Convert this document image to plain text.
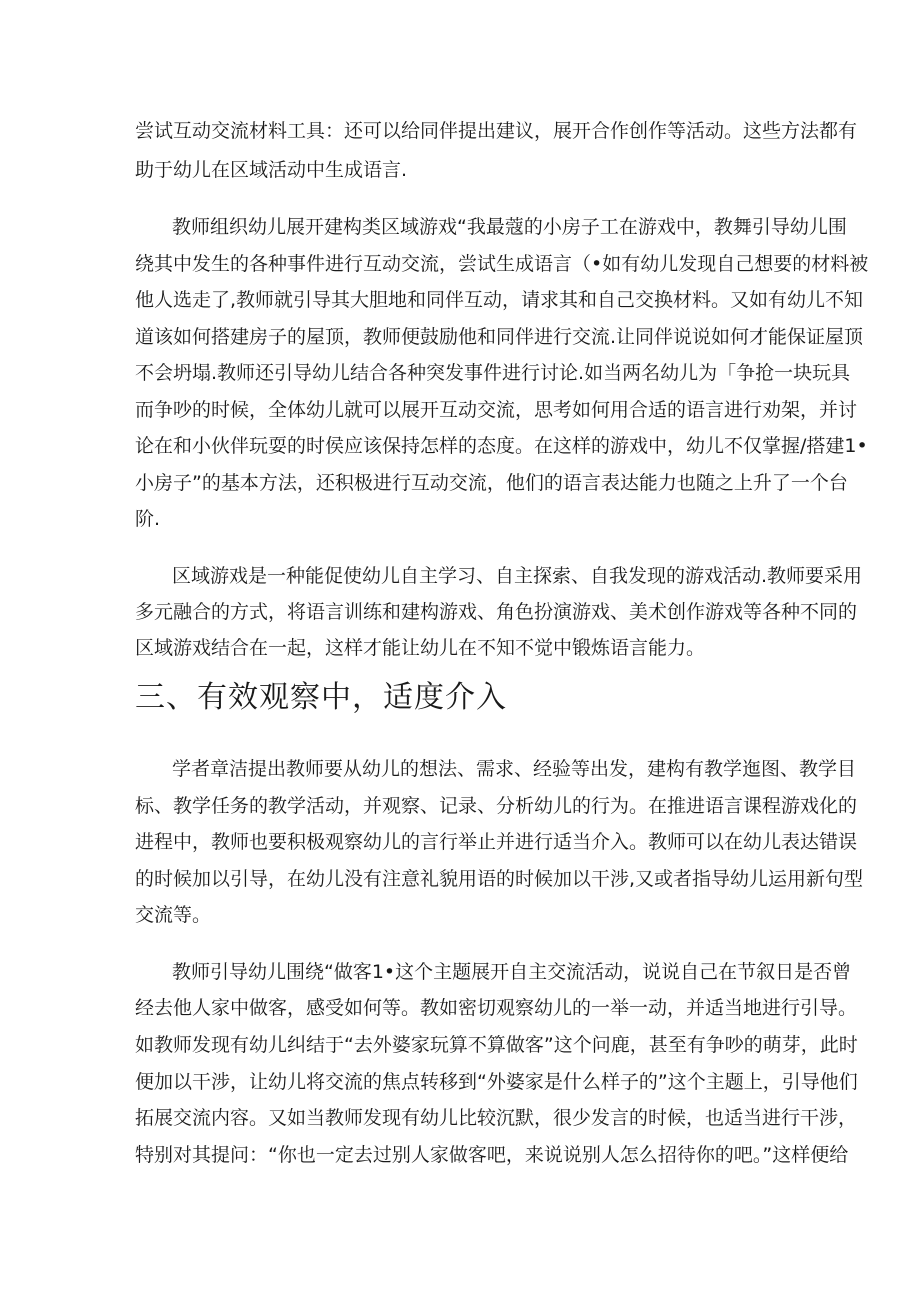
尝试互动交流材料工具：还可以给同伴提出建议，展开合作创作等活动。这些方法都有
助于幼儿在区域活动中生成语言.
教师组织幼儿展开建构类区域游戏“我最蔻的小房子工在游戏中，教舞引导幼儿围
绕其中发生的各种事件进行互动交流，尝试生成语言（•如有幼儿发现自己想要的材料被
他人选走了,教师就引导其大胆地和同伴互动，请求其和自己交换材料。又如有幼儿不知
道该如何搭建房子的屋顶，教师便鼓励他和同伴进行交流.让同伴说说如何才能保证屋顶
不会坍塌.教师还引导幼儿结合各种突发事件进行讨论.如当两名幼儿为「争抢一块玩具
而争吵的时候，全体幼儿就可以展开互动交流，思考如何用合适的语言进行劝架，并讨
论在和小伙伴玩耍的时侯应该保持怎样的态度。在这样的游戏中，幼儿不仅掌握/搭建1•
小房子”的基本方法，还积极进行互动交流，他们的语言表达能力也随之上升了一个台
阶.
区域游戏是一种能促使幼儿自主学习、自主探索、自我发现的游戏活动.教师要采用
多元融合的方式，将语言训练和建构游戏、角色扮演游戏、美术创作游戏等各种不同的
区域游戏结合在一起，这样才能让幼儿在不知不觉中锻炼语言能力。
三、有效观察中，适度介入
学者章洁提出教师要从幼儿的想法、需求、经验等出发，建构有教学迤图、教学目
标、教学任务的教学活动，并观察、记录、分析幼儿的行为。在推进语言课程游戏化的
进程中，教师也要积极观察幼儿的言行举止并进行适当介入。教师可以在幼儿表达错误
的时候加以引导，在幼儿没有注意礼貌用语的时候加以干涉,又或者指导幼儿运用新句型
交流等。
教师引导幼儿围绕“做客1•这个主题展开自主交流活动，说说自己在节叙日是否曾
经去他人家中做客，感受如何等。教如密切观察幼儿的一举一动，并适当地进行引导。
如教师发现有幼儿纠结于“去外婆家玩算不算做客”这个问鹿，甚至有争吵的萌芽，此时
便加以干涉，让幼儿将交流的焦点转移到“外婆家是什么样子的”这个主题上，引导他们
拓展交流内容。又如当教师发现有幼儿比较沉默，很少发言的时候，也适当进行干涉，
特别对其提问：“你也一定去过别人家做客吧，来说说别人怎么招待你的吧。”这样便给
